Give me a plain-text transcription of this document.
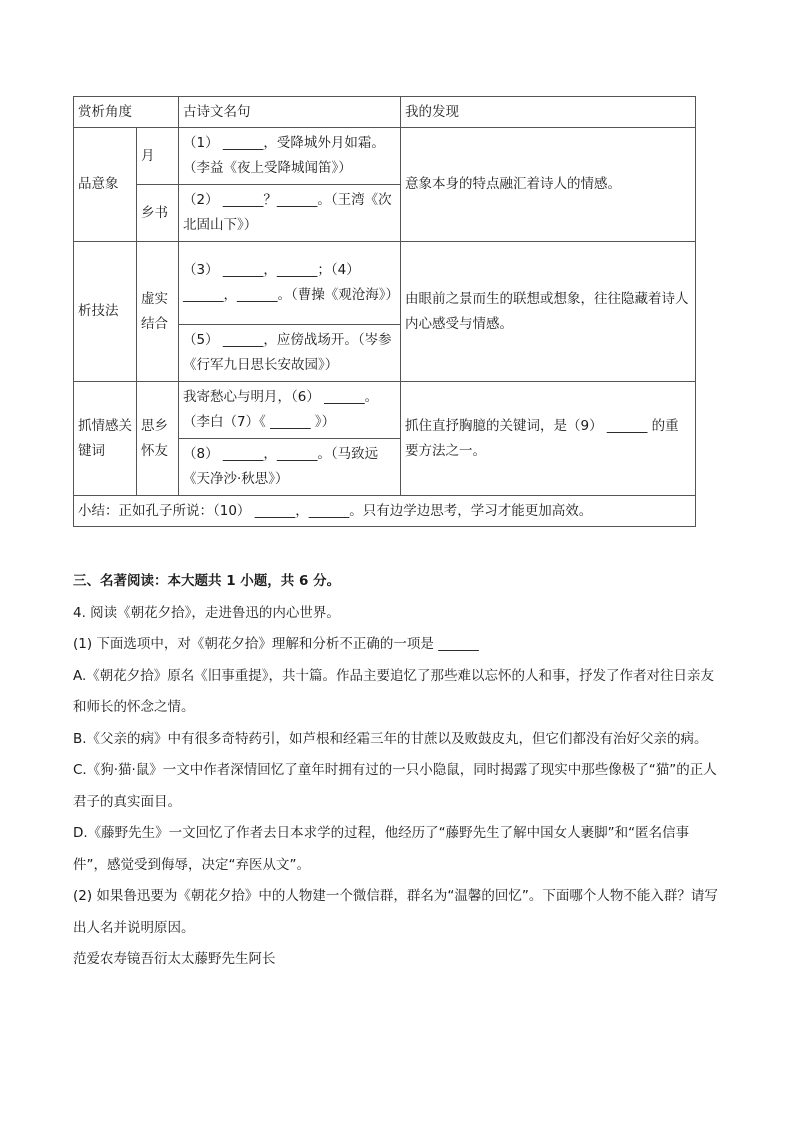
赏析角度		古诗文名句	我的发现
品意象	月	（1） ______，受降城外月如霜。（李益《夜上受降城闻笛》）	意象本身的特点融汇着诗人的情感。
	乡书	（2） ______？______。（王湾《次北固山下》）	
析技法	虚实结合	（3） ______，______；（4） ______，______。（曹操《观沧海》）	由眼前之景而生的联想或想象，往往隐藏着诗人内心感受与情感。
		（5） ______，应傍战场开。（岑参《行军九日思长安故园》）	
抓情感关键词	思乡怀友	我寄愁心与明月，（6） ______。（李白（7）《 ______ 》）	抓住直抒胸臆的关键词，是（9） ______ 的重要方法之一。
		（8） ______，______。（马致远《天净沙·秋思》）	
小结：正如孔子所说：（10） ______，______。只有边学边思考，学习才能更加高效。			

三、名著阅读：本大题共 1 小题，共 6 分。

4. 阅读《朝花夕拾》，走进鲁迅的内心世界。

(1) 下面选项中，对《朝花夕拾》理解和分析不正确的一项是 ______

A.《朝花夕拾》原名《旧事重提》，共十篇。作品主要追忆了那些难以忘怀的人和事，抒发了作者对往日亲友和师长的怀念之情。

B.《父亲的病》中有很多奇特药引，如芦根和经霜三年的甘蔗以及败鼓皮丸，但它们都没有治好父亲的病。

C.《狗·猫·鼠》一文中作者深情回忆了童年时拥有过的一只小隐鼠，同时揭露了现实中那些像极了“猫”的正人君子的真实面目。

D.《藤野先生》一文回忆了作者去日本求学的过程，他经历了“藤野先生了解中国女人裹脚”和“匿名信事件”，感觉受到侮辱，决定“弃医从文”。

(2) 如果鲁迅要为《朝花夕拾》中的人物建一个微信群，群名为“温馨的回忆”。下面哪个人物不能入群？请写出人名并说明原因。

范爱农寿镜吾衍太太藤野先生阿长
